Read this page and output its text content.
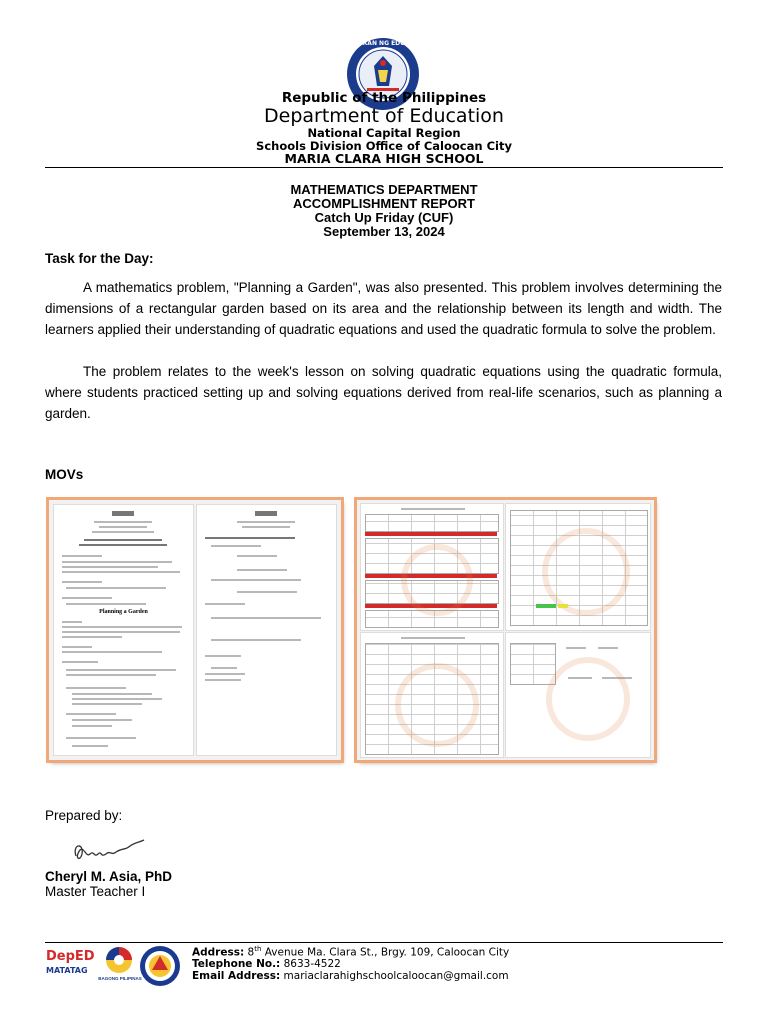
KAGAWARAN NG EDUKASYON
Republic of the Philippines
Department of Education
National Capital Region
Schools Division Office of Caloocan City
MARIA CLARA HIGH SCHOOL
MATHEMATICS DEPARTMENT
ACCOMPLISHMENT REPORT
Catch Up Friday (CUF)
September 13, 2024
Task for the Day:

A mathematics problem, "Planning a Garden", was also presented. This problem involves determining the dimensions of a rectangular garden based on its area and the relationship between its length and width. The learners applied their understanding of quadratic equations and used the quadratic formula to solve the problem.

The problem relates to the week's lesson on solving quadratic equations using the quadratic formula, where students practiced setting up and solving equations derived from real-life scenarios, such as planning a garden.

MOVs
Planning a Garden
Prepared by:
Cheryl M. Asia, PhD
Master Teacher I
DepED
MATATAG
BAGONG PILIPINAS
Address: 8th Avenue Ma. Clara St., Brgy. 109, Caloocan City
Telephone No.: 8633-4522
Email Address: mariaclarahighschoolcaloocan@gmail.com
